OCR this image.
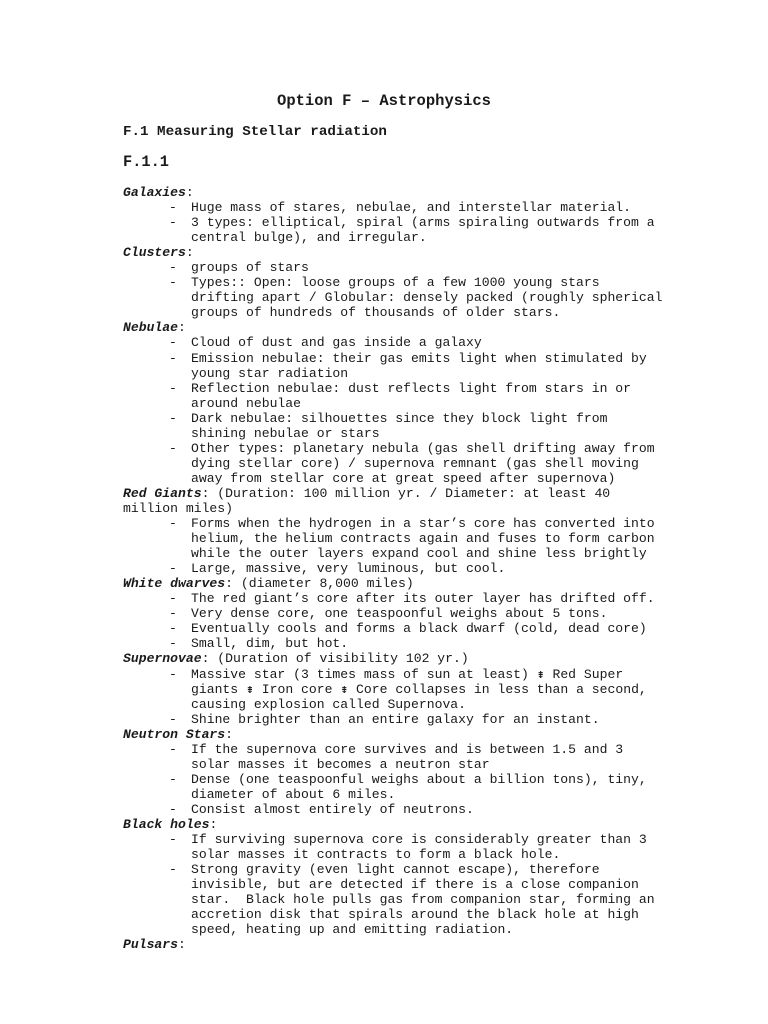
Option F – Astrophysics
F.1 Measuring Stellar radiation
F.1.1
Galaxies:
- Huge mass of stares, nebulae, and interstellar material.
- 3 types: elliptical, spiral (arms spiraling outwards from a
central bulge), and irregular.
Clusters:
- groups of stars
- Types:: Open: loose groups of a few 1000 young stars
drifting apart / Globular: densely packed (roughly spherical
groups of hundreds of thousands of older stars.
Nebulae:
- Cloud of dust and gas inside a galaxy
- Emission nebulae: their gas emits light when stimulated by
young star radiation
- Reflection nebulae: dust reflects light from stars in or
around nebulae
- Dark nebulae: silhouettes since they block light from
shining nebulae or stars
- Other types: planetary nebula (gas shell drifting away from
dying stellar core) / supernova remnant (gas shell moving
away from stellar core at great speed after supernova)
Red Giants: (Duration: 100 million yr. / Diameter: at least 40
million miles)
- Forms when the hydrogen in a star’s core has converted into
helium, the helium contracts again and fuses to form carbon
while the outer layers expand cool and shine less brightly
- Large, massive, very luminous, but cool.
White dwarves: (diameter 8,000 miles)
- The red giant’s core after its outer layer has drifted off.
- Very dense core, one teaspoonful weighs about 5 tons.
- Eventually cools and forms a black dwarf (cold, dead core)
- Small, dim, but hot.
Supernovae: (Duration of visibility 102 yr.)
- Massive star (3 times mass of sun at least) ⇟ Red Super
giants ⇟ Iron core ⇟ Core collapses in less than a second,
causing explosion called Supernova.
- Shine brighter than an entire galaxy for an instant.
Neutron Stars:
- If the supernova core survives and is between 1.5 and 3
solar masses it becomes a neutron star
- Dense (one teaspoonful weighs about a billion tons), tiny,
diameter of about 6 miles.
- Consist almost entirely of neutrons.
Black holes:
- If surviving supernova core is considerably greater than 3
solar masses it contracts to form a black hole.
- Strong gravity (even light cannot escape), therefore
invisible, but are detected if there is a close companion
star.  Black hole pulls gas from companion star, forming an
accretion disk that spirals around the black hole at high
speed, heating up and emitting radiation.
Pulsars:
